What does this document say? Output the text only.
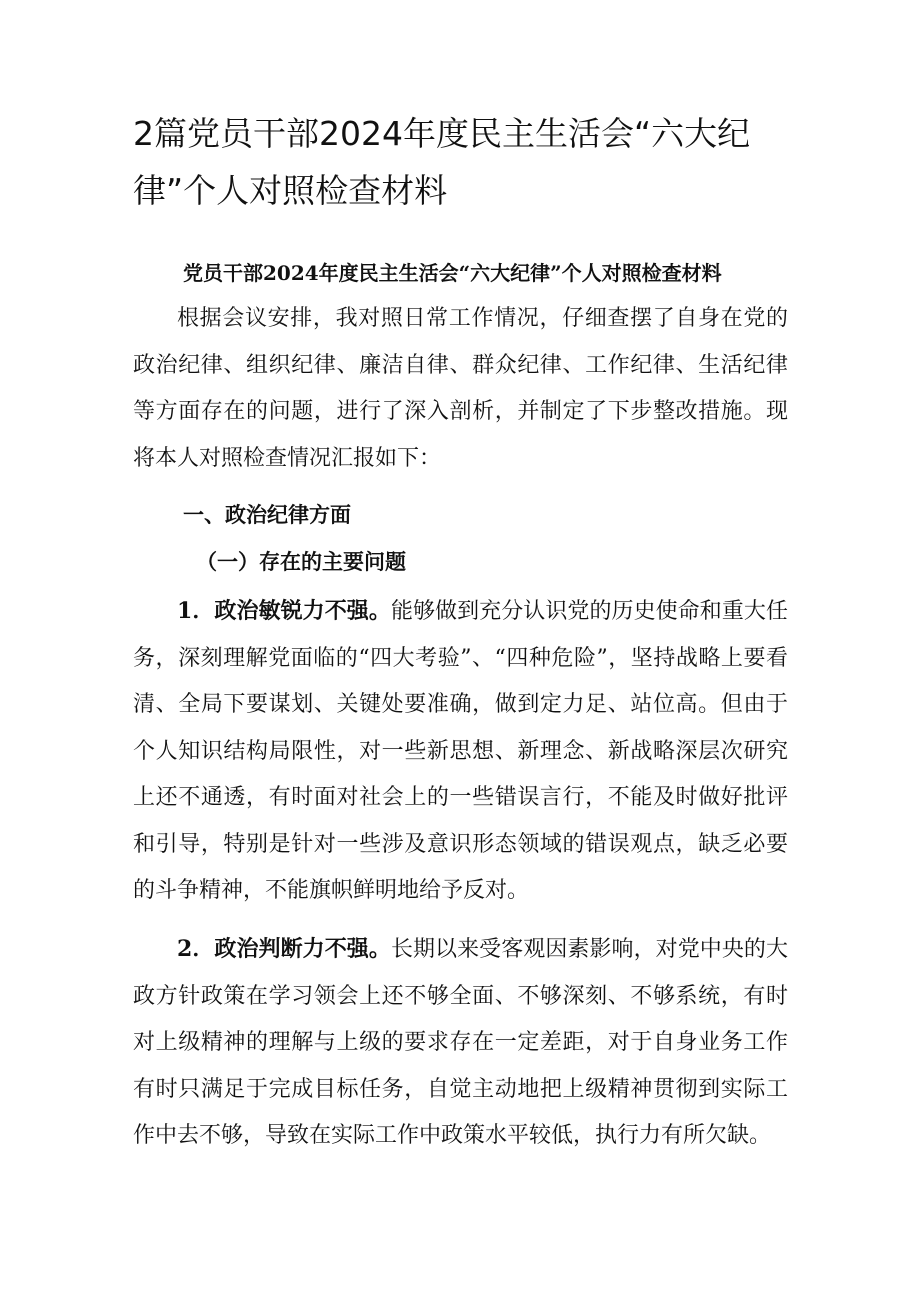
2篇党员干部2024年度民主生活会“六大纪律”个人对照检查材料

党员干部2024年度民主生活会“六大纪律”个人对照检查材料

根据会议安排，我对照日常工作情况，仔细查摆了自身在党的政治纪律、组织纪律、廉洁自律、群众纪律、工作纪律、生活纪律等方面存在的问题，进行了深入剖析，并制定了下步整改措施。现将本人对照检查情况汇报如下：

一、政治纪律方面

（一）存在的主要问题

1．政治敏锐力不强。能够做到充分认识党的历史使命和重大任务，深刻理解党面临的“四大考验”、“四种危险”，坚持战略上要看清、全局下要谋划、关键处要准确，做到定力足、站位高。但由于个人知识结构局限性，对一些新思想、新理念、新战略深层次研究上还不通透，有时面对社会上的一些错误言行，不能及时做好批评和引导，特别是针对一些涉及意识形态领域的错误观点，缺乏必要的斗争精神，不能旗帜鲜明地给予反对。

2．政治判断力不强。长期以来受客观因素影响，对党中央的大政方针政策在学习领会上还不够全面、不够深刻、不够系统，有时对上级精神的理解与上级的要求存在一定差距，对于自身业务工作有时只满足于完成目标任务，自觉主动地把上级精神贯彻到实际工作中去不够，导致在实际工作中政策水平较低，执行力有所欠缺。
